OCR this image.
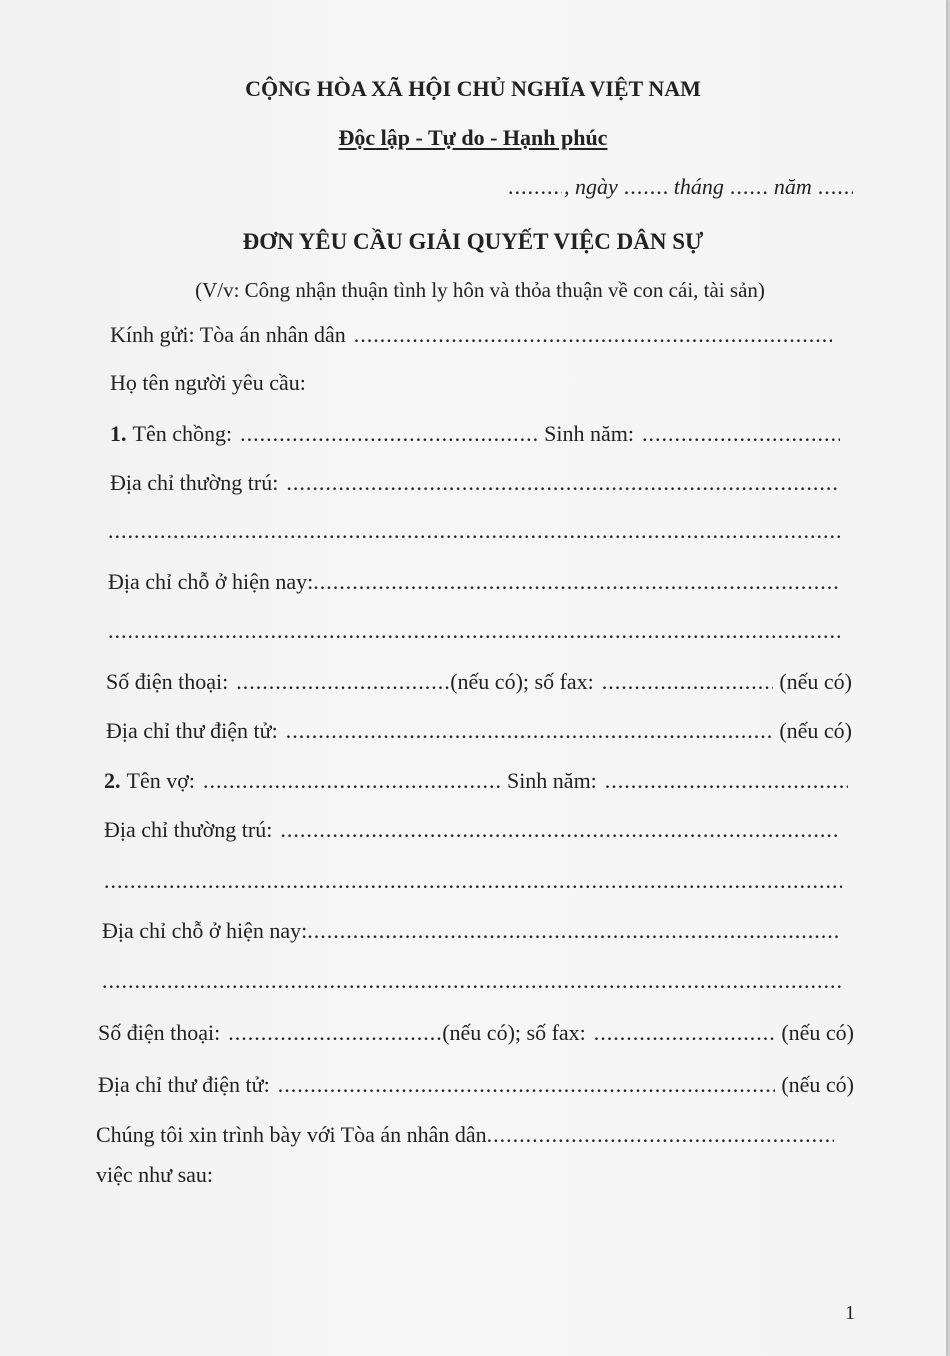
CỘNG HÒA XÃ HỘI CHỦ NGHĨA VIỆT NAM
Độc lập - Tự do - Hạnh phúc
.....
, ngày .....	tháng ..... năm
.....
ĐƠN YÊU CẦU GIẢI QUYẾT VIỆC DÂN SỰ
(V/v: Công nhận thuận tình ly hôn và thỏa thuận về con cái, tài sản)
Kính gửi: Tòa án nhân dân
.....
Họ tên người yêu cầu:
1. Tên chồng: .....	Sinh năm:
.....
Địa chỉ thường trú:
.....
.....
Địa chỉ chỗ ở hiện nay:
.....
.....
Số điện thoại: .....	(nếu có); số fax: .....	(nếu có)
Địa chỉ thư điện tử: .....	(nếu có)
2. Tên vợ: .....	Sinh năm:
.....
Địa chỉ thường trú:
.....
.....
Địa chỉ chỗ ở hiện nay:
.....
.....
Số điện thoại: .....	(nếu có); số fax: .....	(nếu có)
Địa chỉ thư điện tử: .....	(nếu có)
Chúng tôi xin trình bày với Tòa án nhân dân
.....
việc như sau:
1
